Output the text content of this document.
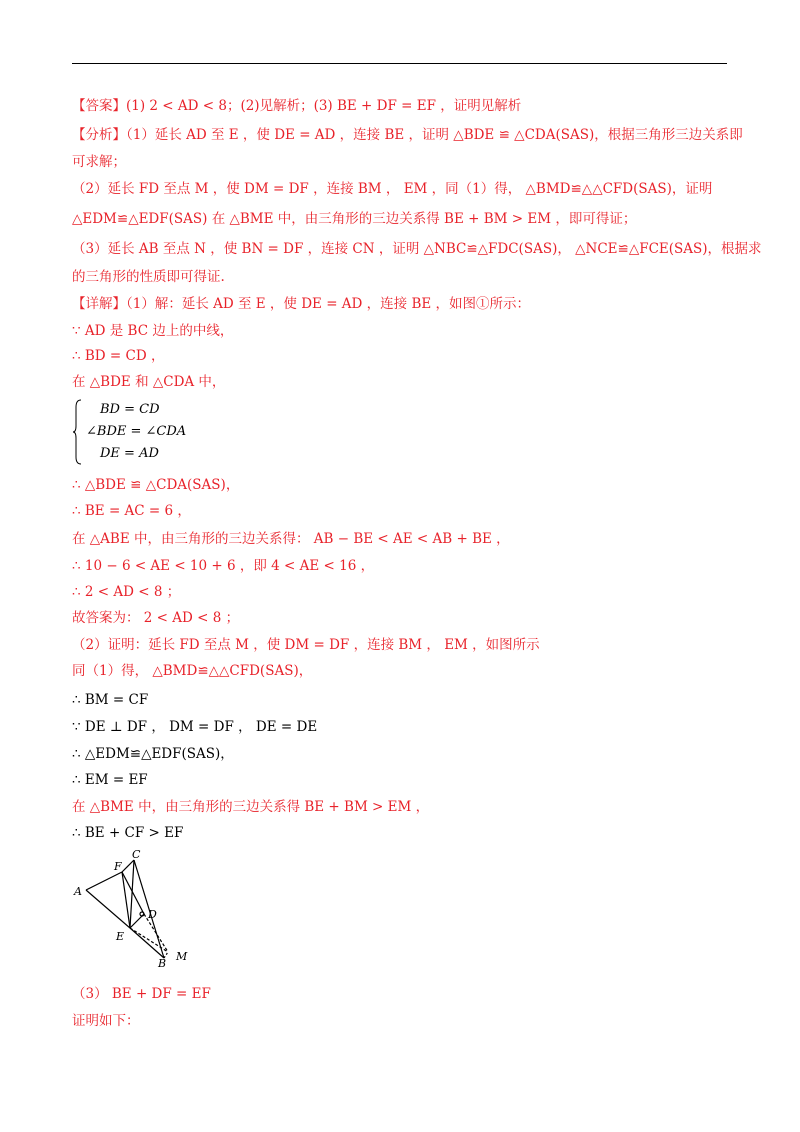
【答案】(1) 2 < AD < 8；(2)见解析；(3) BE + DF = EF ，证明见解析
【分析】（1）延长 AD 至 E ，使 DE = AD ，连接 BE ，证明 △BDE ≌ △CDA(SAS)，根据三角形三边关系即
可求解；
（2）延长 FD 至点 M ，使 DM = DF ，连接 BM ， EM ，同（1）得， △BMD≌△△CFD(SAS)，证明
△EDM≌△EDF(SAS) 在 △BME 中，由三角形的三边关系得 BE + BM > EM ，即可得证；
（3）延长 AB 至点 N ，使 BN = DF ，连接 CN ，证明 △NBC≌△FDC(SAS)， △NCE≌△FCE(SAS)，根据求
的三角形的性质即可得证.
【详解】（1）解：延长 AD 至 E ，使 DE = AD ，连接 BE ，如图①所示：
∵ AD 是 BC 边上的中线，
∴ BD = CD ，
在 △BDE 和 △CDA 中，
BD = CD
∠BDE = ∠CDA
DE = AD
∴ △BDE ≌ △CDA(SAS)，
∴ BE = AC = 6 ，
在 △ABE 中，由三角形的三边关系得： AB − BE < AE < AB + BE ，
∴ 10 − 6 < AE < 10 + 6 ，即 4 < AE < 16 ，
∴ 2 < AD < 8 ；
故答案为： 2 < AD < 8 ；
（2）证明：延长 FD 至点 M ，使 DM = DF ，连接 BM ， EM ，如图所示
同（1）得， △BMD≌△△CFD(SAS)，
∴ BM = CF
∵ DE ⊥ DF ， DM = DF ， DE = DE
∴ △EDM≌△EDF(SAS)，
∴ EM = EF
在 △BME 中，由三角形的三边关系得 BE + BM > EM ，
∴ BE + CF > EF
A
F
C
D
E
B
M
（3） BE + DF = EF
证明如下：
